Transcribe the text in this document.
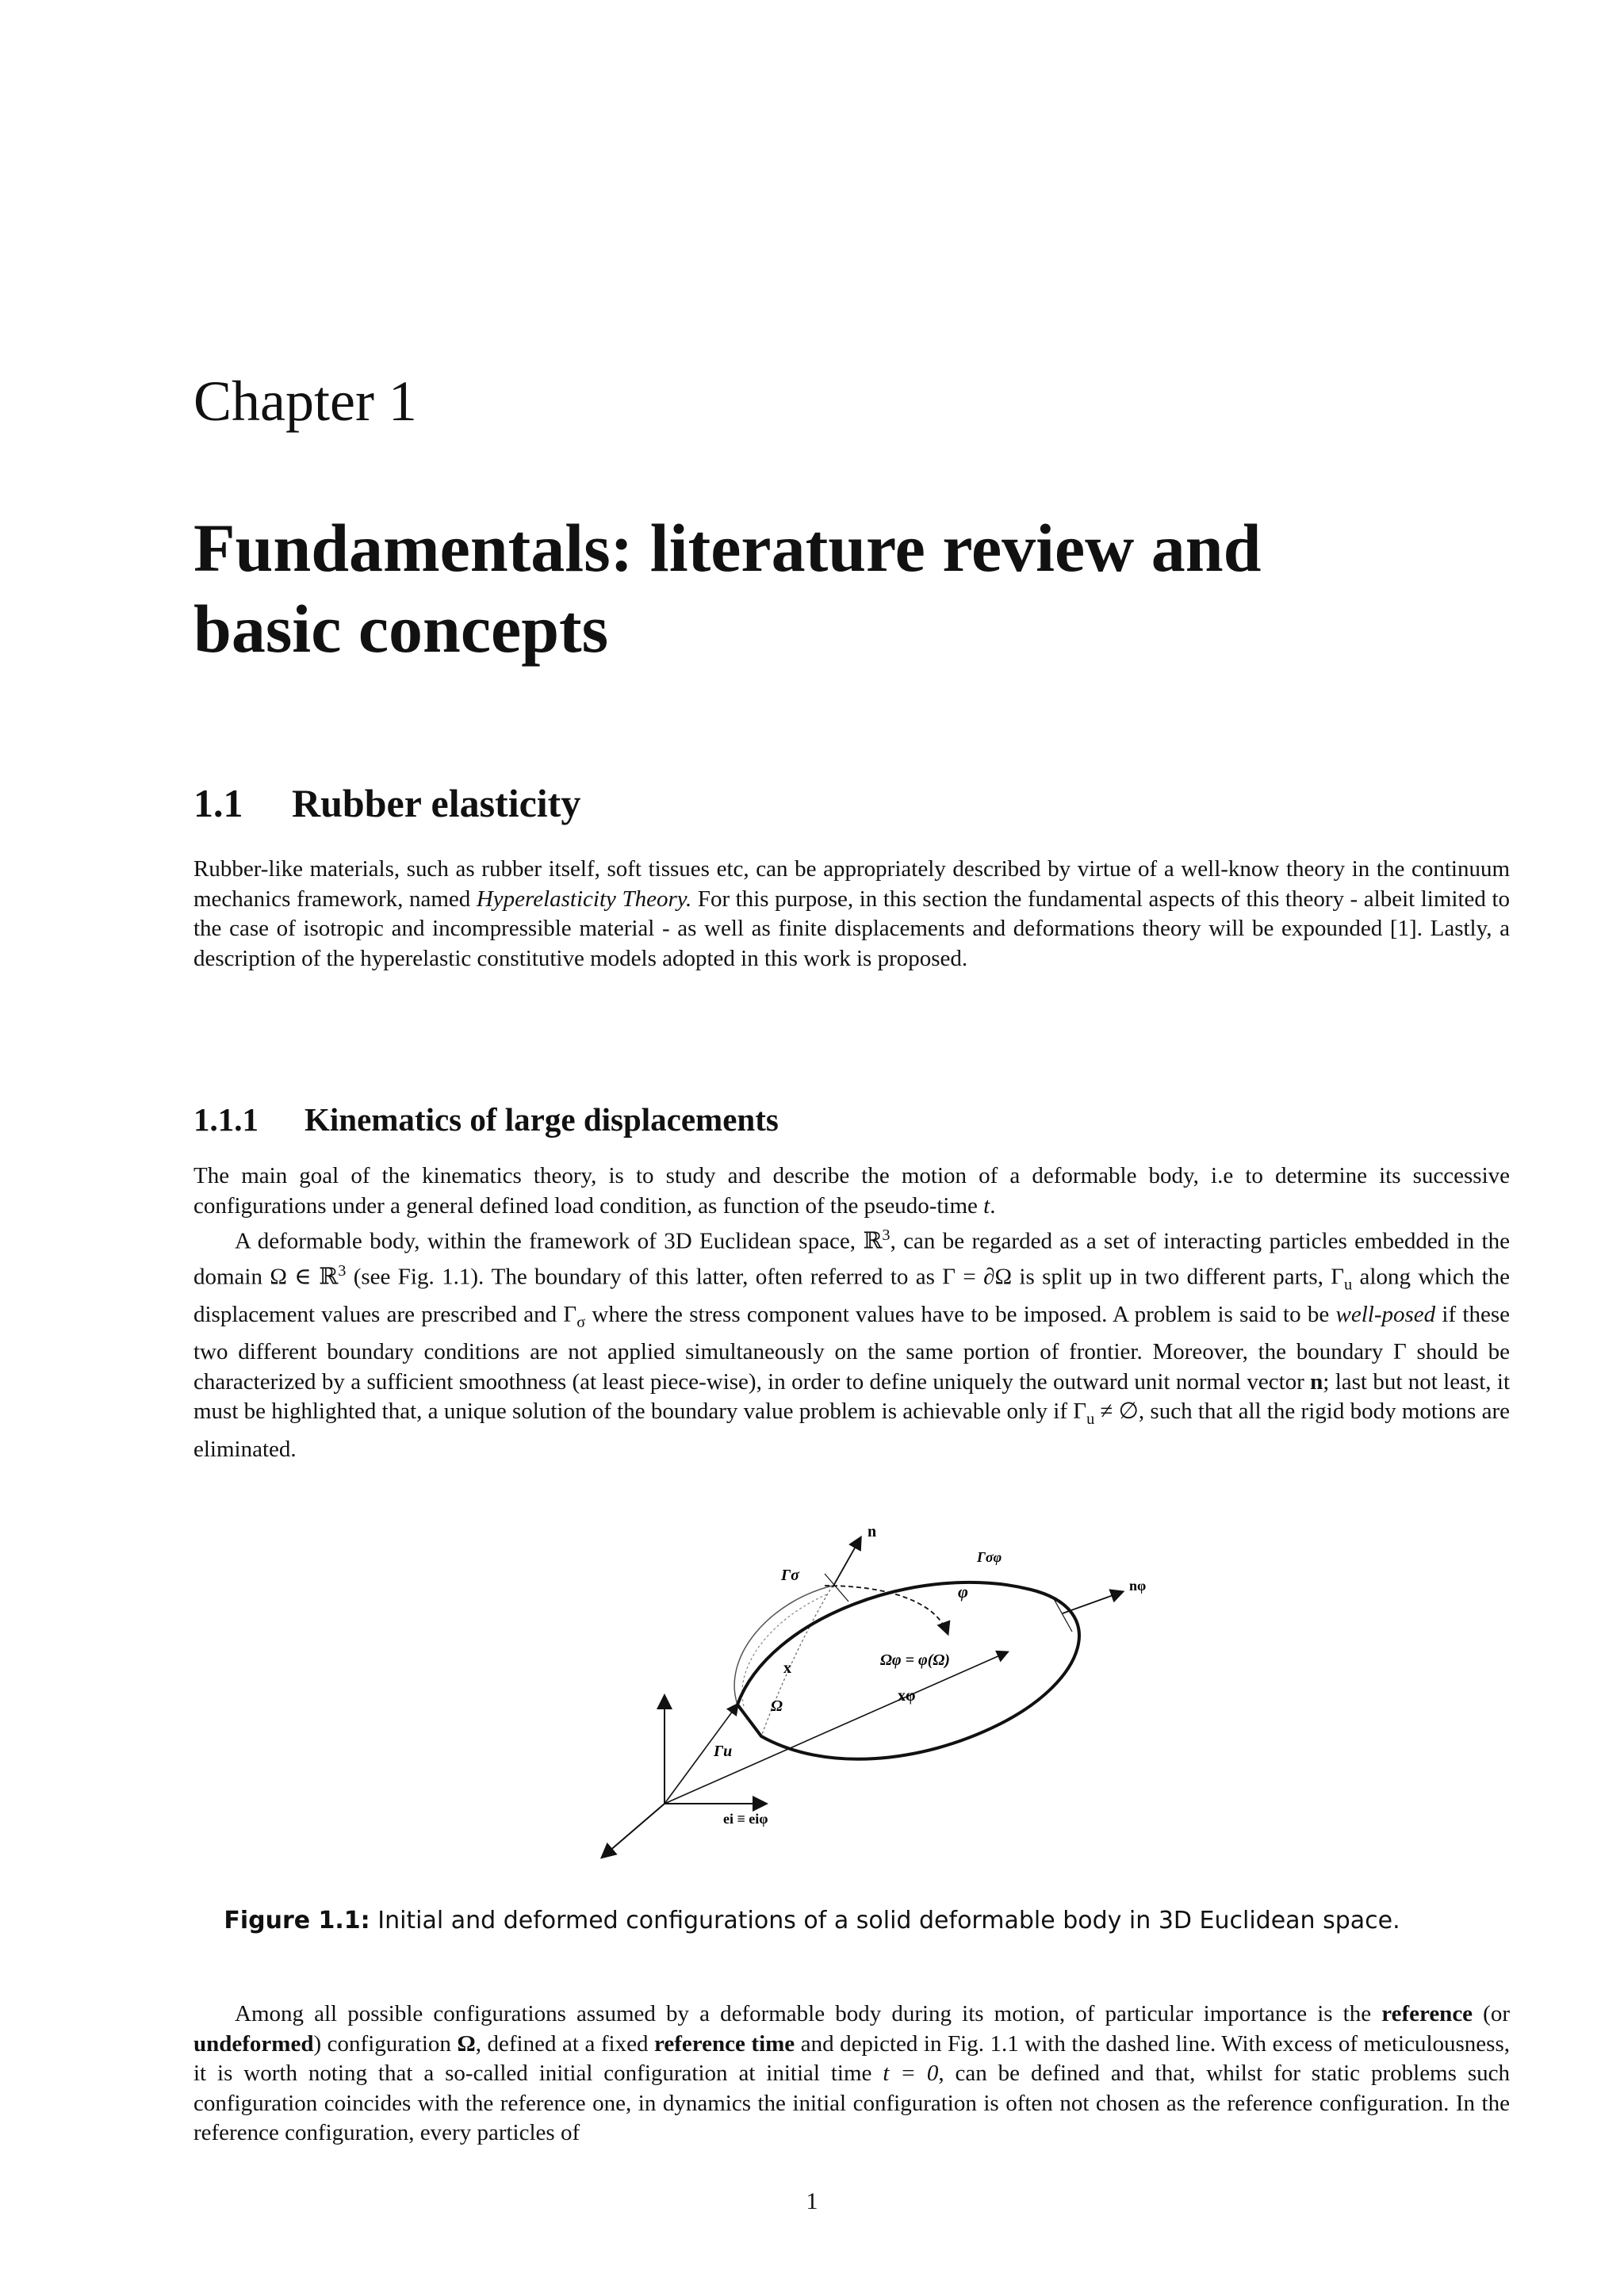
Chapter 1
Fundamentals: literature review and
basic concepts
1.1 Rubber elasticity

Rubber-like materials, such as rubber itself, soft tissues etc, can be appropriately described by virtue of a well-know theory in the continuum mechanics framework, named Hyperelasticity Theory. For this purpose, in this section the fundamental aspects of this theory - albeit limited to the case of isotropic and incompressible material - as well as finite displacements and deformations theory will be expounded [1]. Lastly, a description of the hyperelastic constitutive models adopted in this work is proposed.

1.1.1 Kinematics of large displacements

The main goal of the kinematics theory, is to study and describe the motion of a deformable body, i.e to determine its successive configurations under a general defined load condition, as function of the pseudo-time t.

A deformable body, within the framework of 3D Euclidean space, ℝ$^3$, can be regarded as a set of interacting particles embedded in the domain Ω ∈ ℝ$^3$ (see Fig. 1.1). The boundary of this latter, often referred to as Γ = ∂Ω is split up in two different parts, $\Gamma_u$ along which the displacement values are prescribed and $\Gamma_\sigma$ where the stress component values have to be imposed. A problem is said to be well-posed if these two different boundary conditions are not applied simultaneously on the same portion of frontier. Moreover, the boundary Γ should be characterized by a sufficient smoothness (at least piece-wise), in order to define uniquely the outward unit normal vector n; last but not least, it must be highlighted that, a unique solution of the boundary value problem is achievable only if $\Gamma_u$ ≠ ∅, such that all the rigid body motions are eliminated.

n
Γσ
Γσφ
φ	nφ
x	Ωφ = φ(Ω)
Ω
xφ
Γu
ei ≡ eiφ
Figure 1.1: Initial and deformed configurations of a solid deformable body in 3D Euclidean space.

Among all possible configurations assumed by a deformable body during its motion, of particular importance is the reference (or undeformed) configuration Ω, defined at a fixed reference time and depicted in Fig. 1.1 with the dashed line. With excess of meticulousness, it is worth noting that a so-called initial configuration at initial time t = 0, can be defined and that, whilst for static problems such configuration coincides with the reference one, in dynamics the initial configuration is often not chosen as the reference configuration. In the reference configuration, every particles of

1
